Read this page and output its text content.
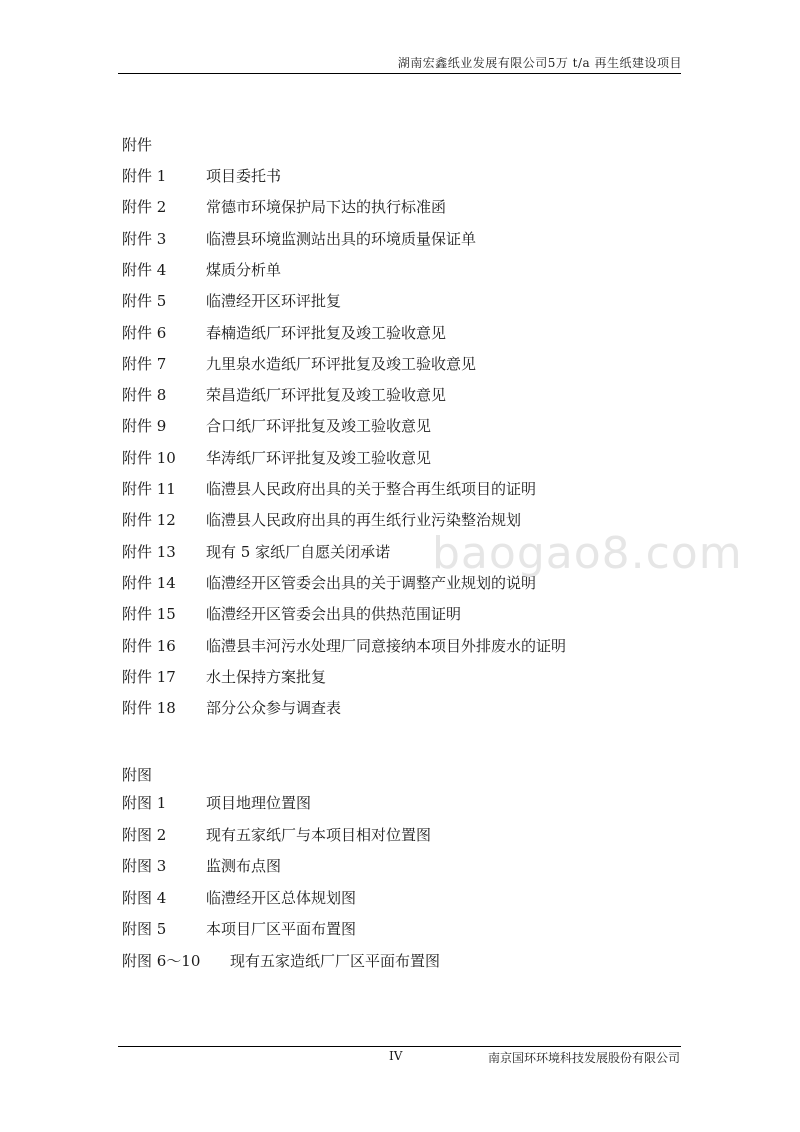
湖南宏鑫纸业发展有限公司5万 t/a 再生纸建设项目
附件
附件 1	项目委托书
附件 2	常德市环境保护局下达的执行标准函
附件 3	临澧县环境监测站出具的环境质量保证单
附件 4	煤质分析单
附件 5	临澧经开区环评批复
附件 6	春楠造纸厂环评批复及竣工验收意见
附件 7	九里泉水造纸厂环评批复及竣工验收意见
附件 8	荣昌造纸厂环评批复及竣工验收意见
附件 9	合口纸厂环评批复及竣工验收意见
附件 10 华涛纸厂环评批复及竣工验收意见
附件 11 临澧县人民政府出具的关于整合再生纸项目的证明
附件 12 临澧县人民政府出具的再生纸行业污染整治规划
附件 13 现有 5 家纸厂自愿关闭承诺
附件 14 临澧经开区管委会出具的关于调整产业规划的说明
附件 15 临澧经开区管委会出具的供热范围证明
附件 16 临澧县丰河污水处理厂同意接纳本项目外排废水的证明
附件 17 水土保持方案批复
附件 18 部分公众参与调查表
附图
附图 1	项目地理位置图
附图 2	现有五家纸厂与本项目相对位置图
附图 3	监测布点图
附图 4	临澧经开区总体规划图
附图 5	本项目厂区平面布置图
附图 6～10 现有五家造纸厂厂区平面布置图
baogao8.com
IV	南京国环环境科技发展股份有限公司
